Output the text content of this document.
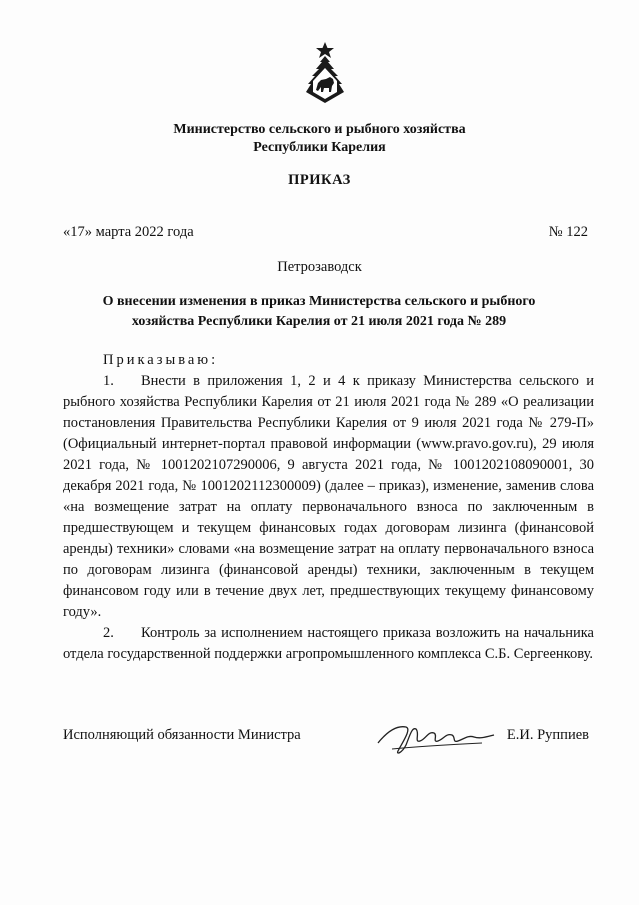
Министерство сельского и рыбного хозяйства
Республики Карелия
ПРИКАЗ
«17» марта 2022 года	№ 122
Петрозаводск
О внесении изменения в приказ Министерства сельского и рыбного
хозяйства Республики Карелия от 21 июля 2021 года № 289

Приказываю:

1. Внести в приложения 1, 2 и 4 к приказу Министерства сельского и рыбного хозяйства Республики Карелия от 21 июля 2021 года № 289 «О реализации постановления Правительства Республики Карелия от 9 июля 2021 года № 279-П» (Официальный интернет-портал правовой информации (www.pravo.gov.ru), 29 июля 2021 года, № 1001202107290006, 9 августа 2021 года, № 1001202108090001, 30 декабря 2021 года, № 1001202112300009) (далее – приказ), изменение, заменив слова «на возмещение затрат на оплату первоначального взноса по заключенным в предшествующем и текущем финансовых годах договорам лизинга (финансовой аренды) техники» словами «на возмещение затрат на оплату первоначального взноса по договорам лизинга (финансовой аренды) техники, заключенным в текущем финансовом году или в течение двух лет, предшествующих текущему финансовому году».

2. Контроль за исполнением настоящего приказа возложить на начальника отдела государственной поддержки агропромышленного комплекса С.Б. Сергеенкову.

Исполняющий обязанности Министра	Е.И. Руппиев
